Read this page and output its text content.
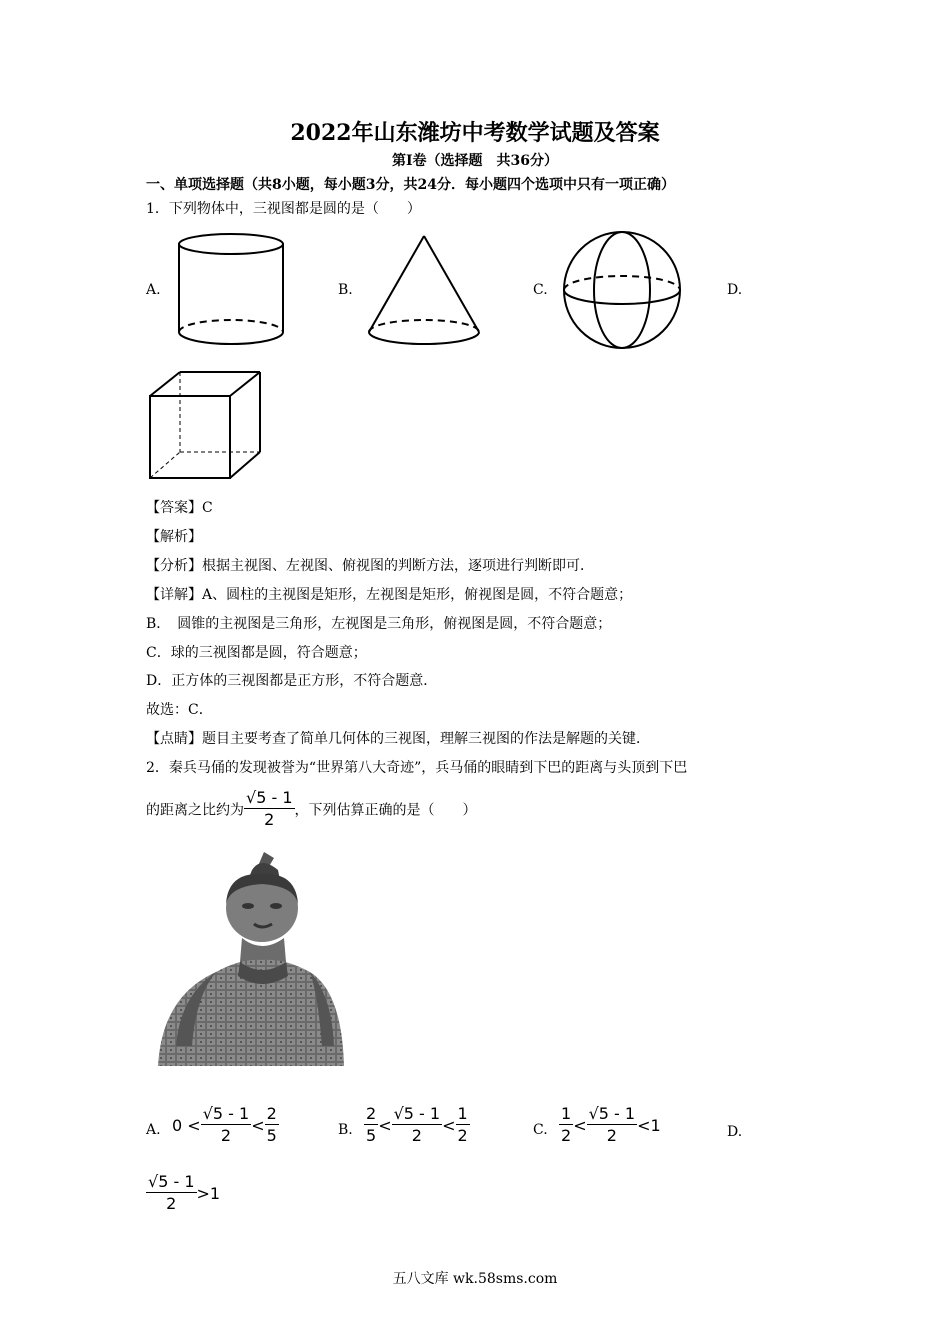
2022年山东潍坊中考数学试题及答案
第Ⅰ卷（选择题　共36分）
一、单项选择题（共8小题，每小题3分，共24分．每小题四个选项中只有一项正确）
1．下列物体中，三视图都是圆的是（　　）
A.	B.	C.	D.
【答案】C
【解析】
【分析】根据主视图、左视图、俯视图的判断方法，逐项进行判断即可．
【详解】A、圆柱的主视图是矩形，左视图是矩形，俯视图是圆，不符合题意；
B．　圆锥的主视图是三角形，左视图是三角形，俯视图是圆，不符合题意；
C．球的三视图都是圆，符合题意；
D．正方体的三视图都是正方形，不符合题意．
故选：C．
【点睛】题目主要考查了简单几何体的三视图，理解三视图的作法是解题的关键．
2．秦兵马俑的发现被誉为“世界第八大奇迹”，兵马俑的眼睛到下巴的距离与头顶到下巴
的距离之比约为 $\frac{√5 - 1}{2}$ ，下列估算正确的是（　　）
A. $0 < \frac{√5 - 1}{2} < \frac{2}{5}$	B. $\frac{2}{5} < \frac{√5 - 1}{2} < \frac{1}{2}$	C. $\frac{1}{2} < \frac{√5 - 1}{2} <1$	D.
$\frac{√5 - 1}{2} >1$
五八文库 wk.58sms.com
